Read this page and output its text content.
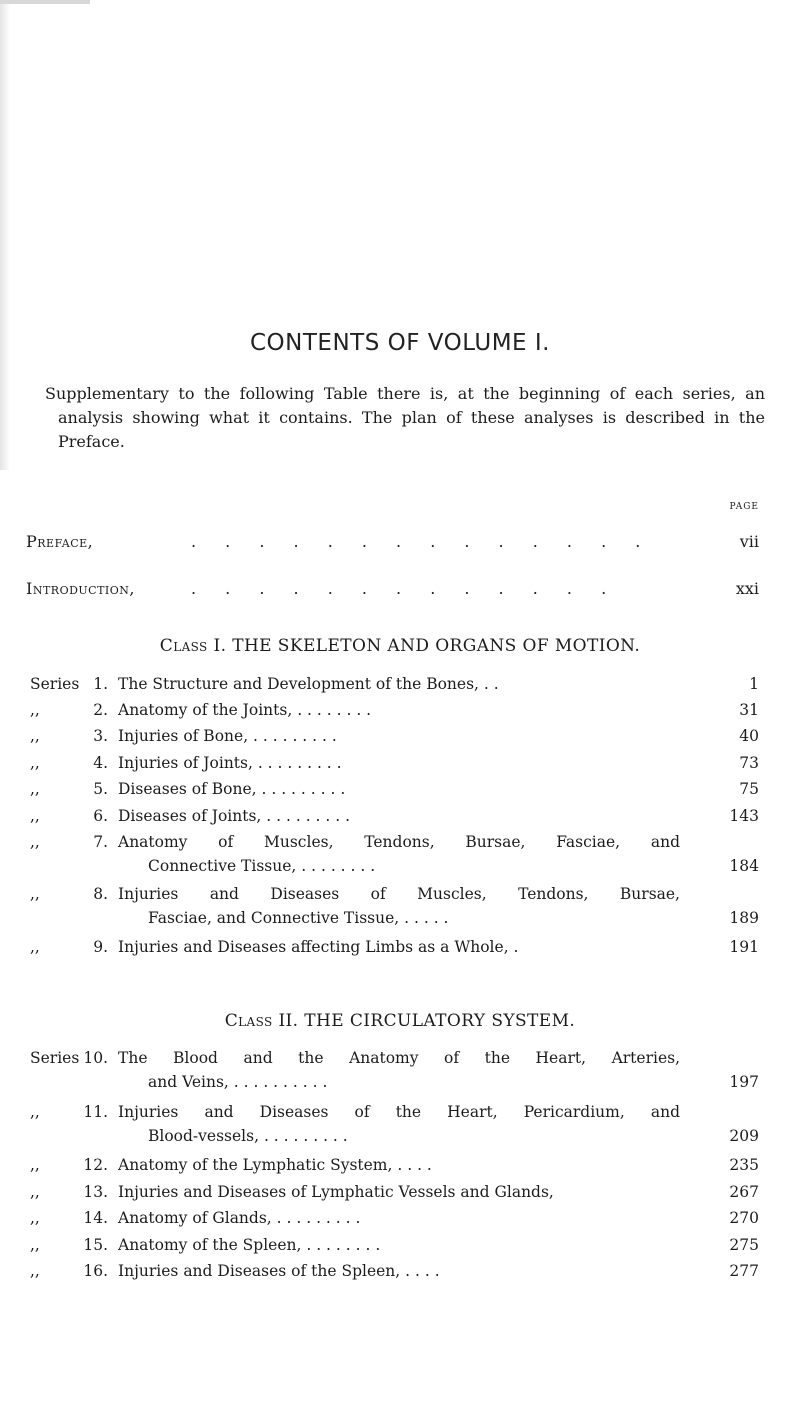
CONTENTS OF VOLUME I.
Supplementary to the following Table there is, at the beginning of each series, an analysis showing what it contains. The plan of these analyses is described in the Preface.
PAGE
Preface,	. . . . . . . . . . . . . .	vii
Introduction,	. . . . . . . . . . . . .	xxi
Class I. THE SKELETON AND ORGANS OF MOTION.
Series 1. The Structure and Development of the Bones, . .	1
,,	2. Anatomy of the Joints, . . . . . . . .	31
,,	3. Injuries of Bone, . . . . . . . . .	40
,,	4. Injuries of Joints, . . . . . . . . .	73
,,	5. Diseases of Bone, . . . . . . . . .	75
,,	6. Diseases of Joints, . . . . . . . . .	143
,,	7. Anatomy of Muscles, Tendons, Bursae, Fasciae, and
Connective Tissue, . . . . . . . .	184
,,	8. Injuries and Diseases of Muscles, Tendons, Bursae,
Fasciae, and Connective Tissue, . . . . .	189
,,	9. Injuries and Diseases affecting Limbs as a Whole, .	191
Class II. THE CIRCULATORY SYSTEM.
Series 10. The Blood and the Anatomy of the Heart, Arteries,
and Veins, . . . . . . . . . .	197
,,	11. Injuries and Diseases of the Heart, Pericardium, and
Blood-vessels, . . . . . . . . .	209
,,	12. Anatomy of the Lymphatic System, . . . .	235
,,	13. Injuries and Diseases of Lymphatic Vessels and Glands,	267
,,	14. Anatomy of Glands, . . . . . . . . .	270
,,	15. Anatomy of the Spleen, . . . . . . . .	275
,,	16. Injuries and Diseases of the Spleen, . . . .	277
